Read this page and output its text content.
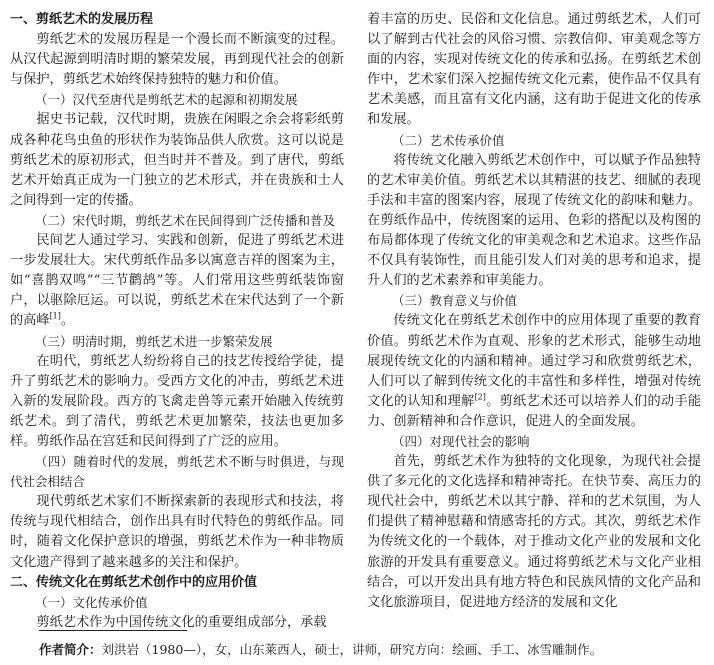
一、剪纸艺术的发展历程

剪纸艺术的发展历程是一个漫长而不断演变的过程。从汉代起源到明清时期的繁荣发展，再到现代社会的创新与保护，剪纸艺术始终保持独特的魅力和价值。

（一）汉代至唐代是剪纸艺术的起源和初期发展

据史书记载，汉代时期，贵族在闲暇之余会将彩纸剪成各种花鸟虫鱼的形状作为装饰品供人欣赏。这可以说是剪纸艺术的原初形式，但当时并不普及。到了唐代，剪纸艺术开始真正成为一门独立的艺术形式，并在贵族和士人之间得到一定的传播。

（二）宋代时期，剪纸艺术在民间得到广泛传播和普及

民间艺人通过学习、实践和创新，促进了剪纸艺术进一步发展壮大。宋代剪纸作品多以寓意吉祥的图案为主，如“喜鹊双鸣”“三节鹳鸪”等。人们常用这些剪纸装饰窗户，以驱除厄运。可以说，剪纸艺术在宋代达到了一个新的高峰[1]。

（三）明清时期，剪纸艺术进一步繁荣发展

在明代，剪纸艺人纷纷将自己的技艺传授给学徒，提升了剪纸艺术的影响力。受西方文化的冲击，剪纸艺术进入新的发展阶段。西方的飞禽走兽等元素开始融入传统剪纸艺术。到了清代，剪纸艺术更加繁荣，技法也更加多样。剪纸作品在宫廷和民间得到了广泛的应用。

（四）随着时代的发展，剪纸艺术不断与时俱进，与现代社会相结合

现代剪纸艺术家们不断探索新的表现形式和技法，将传统与现代相结合，创作出具有时代特色的剪纸作品。同时，随着文化保护意识的增强，剪纸艺术作为一种非物质文化遗产得到了越来越多的关注和保护。

二、传统文化在剪纸艺术创作中的应用价值

（一）文化传承价值

剪纸艺术作为中国传统文化的重要组成部分，承载

着丰富的历史、民俗和文化信息。通过剪纸艺术，人们可以了解到古代社会的风俗习惯、宗教信仰、审美观念等方面的内容，实现对传统文化的传承和弘扬。在剪纸艺术创作中，艺术家们深入挖掘传统文化元素，使作品不仅具有艺术美感，而且富有文化内涵，这有助于促进文化的传承和发展。

（二）艺术传承价值

将传统文化融入剪纸艺术创作中，可以赋予作品独特的艺术审美价值。剪纸艺术以其精湛的技艺、细腻的表现手法和丰富的图案内容，展现了传统文化的韵味和魅力。在剪纸作品中，传统图案的运用、色彩的搭配以及构图的布局都体现了传统文化的审美观念和艺术追求。这些作品不仅具有装饰性，而且能引发人们对美的思考和追求，提升人们的艺术素养和审美能力。

（三）教育意义与价值

传统文化在剪纸艺术创作中的应用体现了重要的教育价值。剪纸艺术作为直观、形象的艺术形式，能够生动地展现传统文化的内涵和精神。通过学习和欣赏剪纸艺术，人们可以了解到传统文化的丰富性和多样性，增强对传统文化的认知和理解[2]。剪纸艺术还可以培养人们的动手能力、创新精神和合作意识，促进人的全面发展。

（四）对现代社会的影响

首先，剪纸艺术作为独特的文化现象，为现代社会提供了多元化的文化选择和精神寄托。在快节奏、高压力的现代社会中，剪纸艺术以其宁静、祥和的艺术氛围，为人们提供了精神慰藉和情感寄托的方式。其次，剪纸艺术作为传统文化的一个载体，对于推动文化产业的发展和文化旅游的开发具有重要意义。通过将剪纸艺术与文化产业相结合，可以开发出具有地方特色和民族风情的文化产品和文化旅游项目，促进地方经济的发展和文化

作者简介：刘洪岩（1980—），女，山东莱西人，硕士，讲师，研究方向：绘画、手工、冰雪雕制作。
